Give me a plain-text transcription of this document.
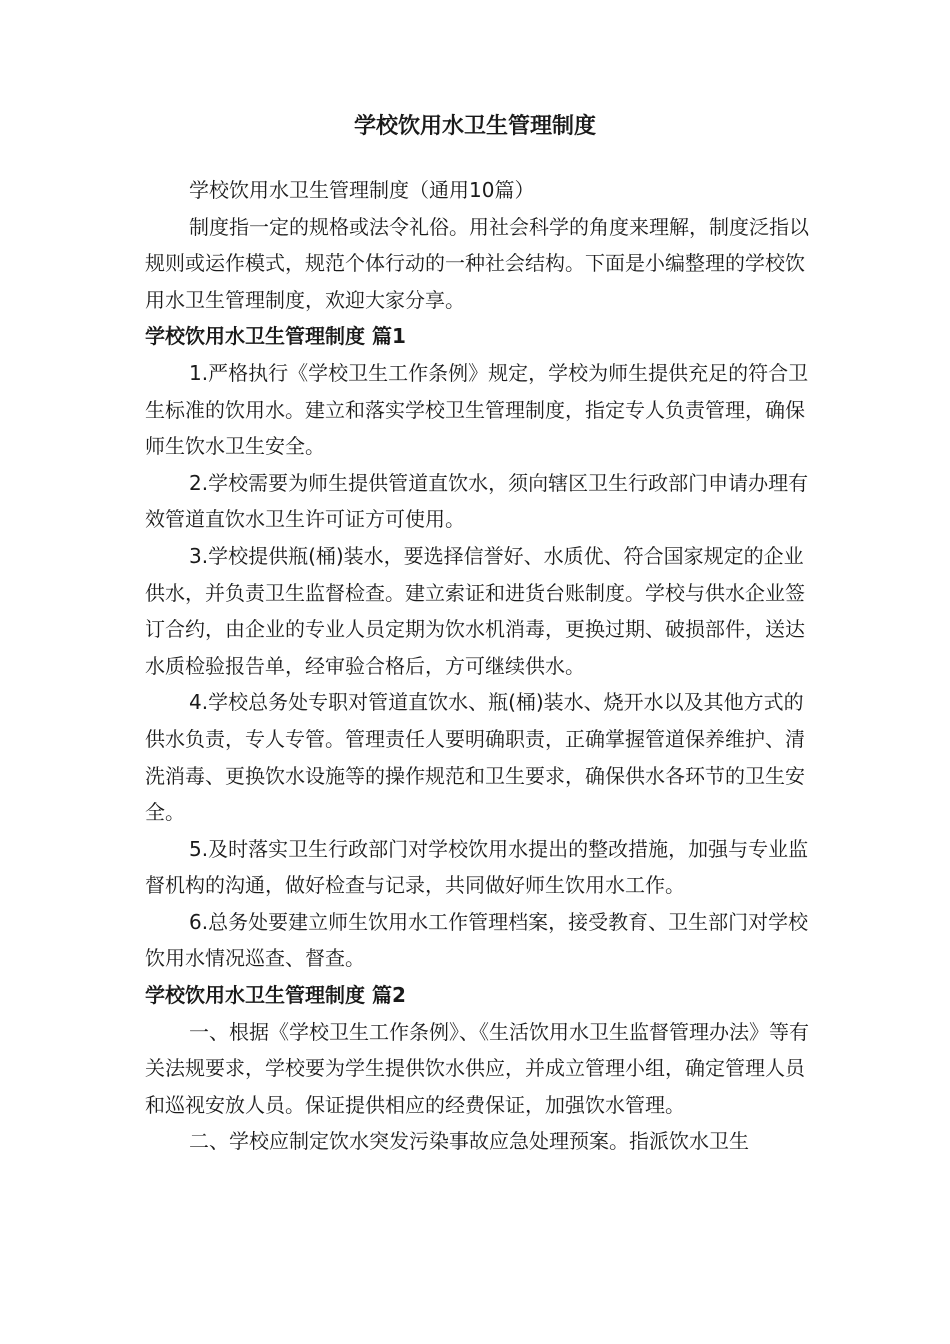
学校饮用水卫生管理制度

学校饮用水卫生管理制度（通用10篇）

制度指一定的规格或法令礼俗。用社会科学的角度来理解，制度泛指以规则或运作模式，规范个体行动的一种社会结构。下面是小编整理的学校饮用水卫生管理制度，欢迎大家分享。

学校饮用水卫生管理制度 篇1

1.严格执行《学校卫生工作条例》规定，学校为师生提供充足的符合卫生标准的饮用水。建立和落实学校卫生管理制度，指定专人负责管理，确保师生饮水卫生安全。

2.学校需要为师生提供管道直饮水，须向辖区卫生行政部门申请办理有效管道直饮水卫生许可证方可使用。

3.学校提供瓶(桶)装水，要选择信誉好、水质优、符合国家规定的企业供水，并负责卫生监督检查。建立索证和进货台账制度。学校与供水企业签订合约，由企业的专业人员定期为饮水机消毒，更换过期、破损部件，送达水质检验报告单，经审验合格后，方可继续供水。

4.学校总务处专职对管道直饮水、瓶(桶)装水、烧开水以及其他方式的供水负责，专人专管。管理责任人要明确职责，正确掌握管道保养维护、清洗消毒、更换饮水设施等的操作规范和卫生要求，确保供水各环节的卫生安全。

5.及时落实卫生行政部门对学校饮用水提出的整改措施，加强与专业监督机构的沟通，做好检查与记录，共同做好师生饮用水工作。

6.总务处要建立师生饮用水工作管理档案，接受教育、卫生部门对学校饮用水情况巡查、督查。

学校饮用水卫生管理制度 篇2

一、根据《学校卫生工作条例》、《生活饮用水卫生监督管理办法》等有关法规要求，学校要为学生提供饮水供应，并成立管理小组，确定管理人员和巡视安放人员。保证提供相应的经费保证，加强饮水管理。

二、学校应制定饮水突发污染事故应急处理预案。指派饮水卫生
